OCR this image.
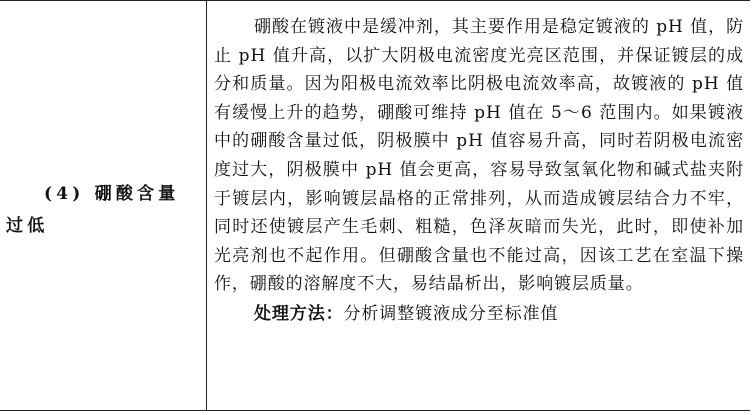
(4) 硼酸含量过低

硼酸在镀液中是缓冲剂，其主要作用是稳定镀液的 pH 值，防止 pH 值升高，以扩大阴极电流密度光亮区范围，并保证镀层的成分和质量。因为阳极电流效率比阴极电流效率高，故镀液的 pH 值有缓慢上升的趋势，硼酸可维持 pH 值在 5～6 范围内。如果镀液中的硼酸含量过低，阴极膜中 pH 值容易升高，同时若阴极电流密度过大，阴极膜中 pH 值会更高，容易导致氢氧化物和碱式盐夹附于镀层内，影响镀层晶格的正常排列，从而造成镀层结合力不牢，同时还使镀层产生毛刺、粗糙，色泽灰暗而失光，此时，即使补加光亮剂也不起作用。但硼酸含量也不能过高，因该工艺在室温下操作，硼酸的溶解度不大，易结晶析出，影响镀层质量。

处理方法：分析调整镀液成分至标准值
